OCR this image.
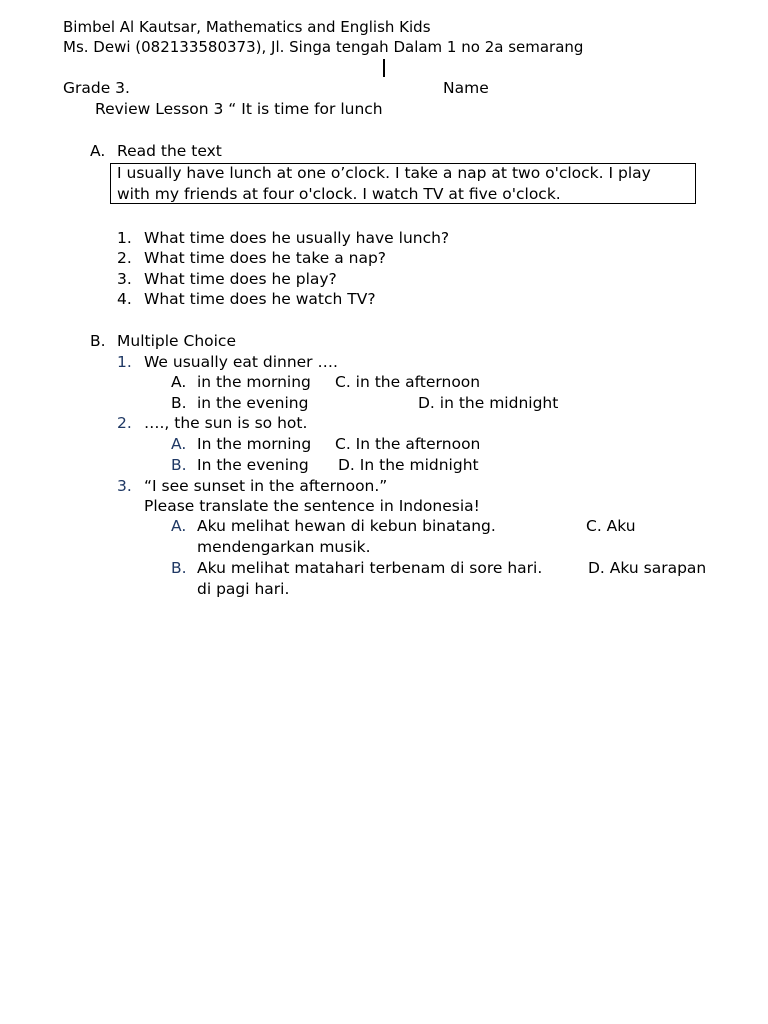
Bimbel Al Kautsar, Mathematics and English Kids
Ms. Dewi (082133580373), Jl. Singa tengah Dalam 1 no 2a semarang
Grade 3.	Name
Review Lesson 3 “ It is time for lunch
A. Read the text
I usually have lunch at one o’clock. I take a nap at two o'clock. I play
with my friends at four o'clock. I watch TV at five o'clock.
1. What time does he usually have lunch?
2. What time does he take a nap?
3. What time does he play?
4. What time does he watch TV?
B. Multiple Choice
1. We usually eat dinner ….
A. in the morning C. in the afternoon
B. in the evening	D. in the midnight
2. …., the sun is so hot.
A. In the morning C. In the afternoon
B. In the evening D. In the midnight
3. “I see sunset in the afternoon.”
Please translate the sentence in Indonesia!
A. Aku melihat hewan di kebun binatang.	C. Aku
mendengarkan musik.
B. Aku melihat matahari terbenam di sore hari.	D. Aku sarapan
di pagi hari.
